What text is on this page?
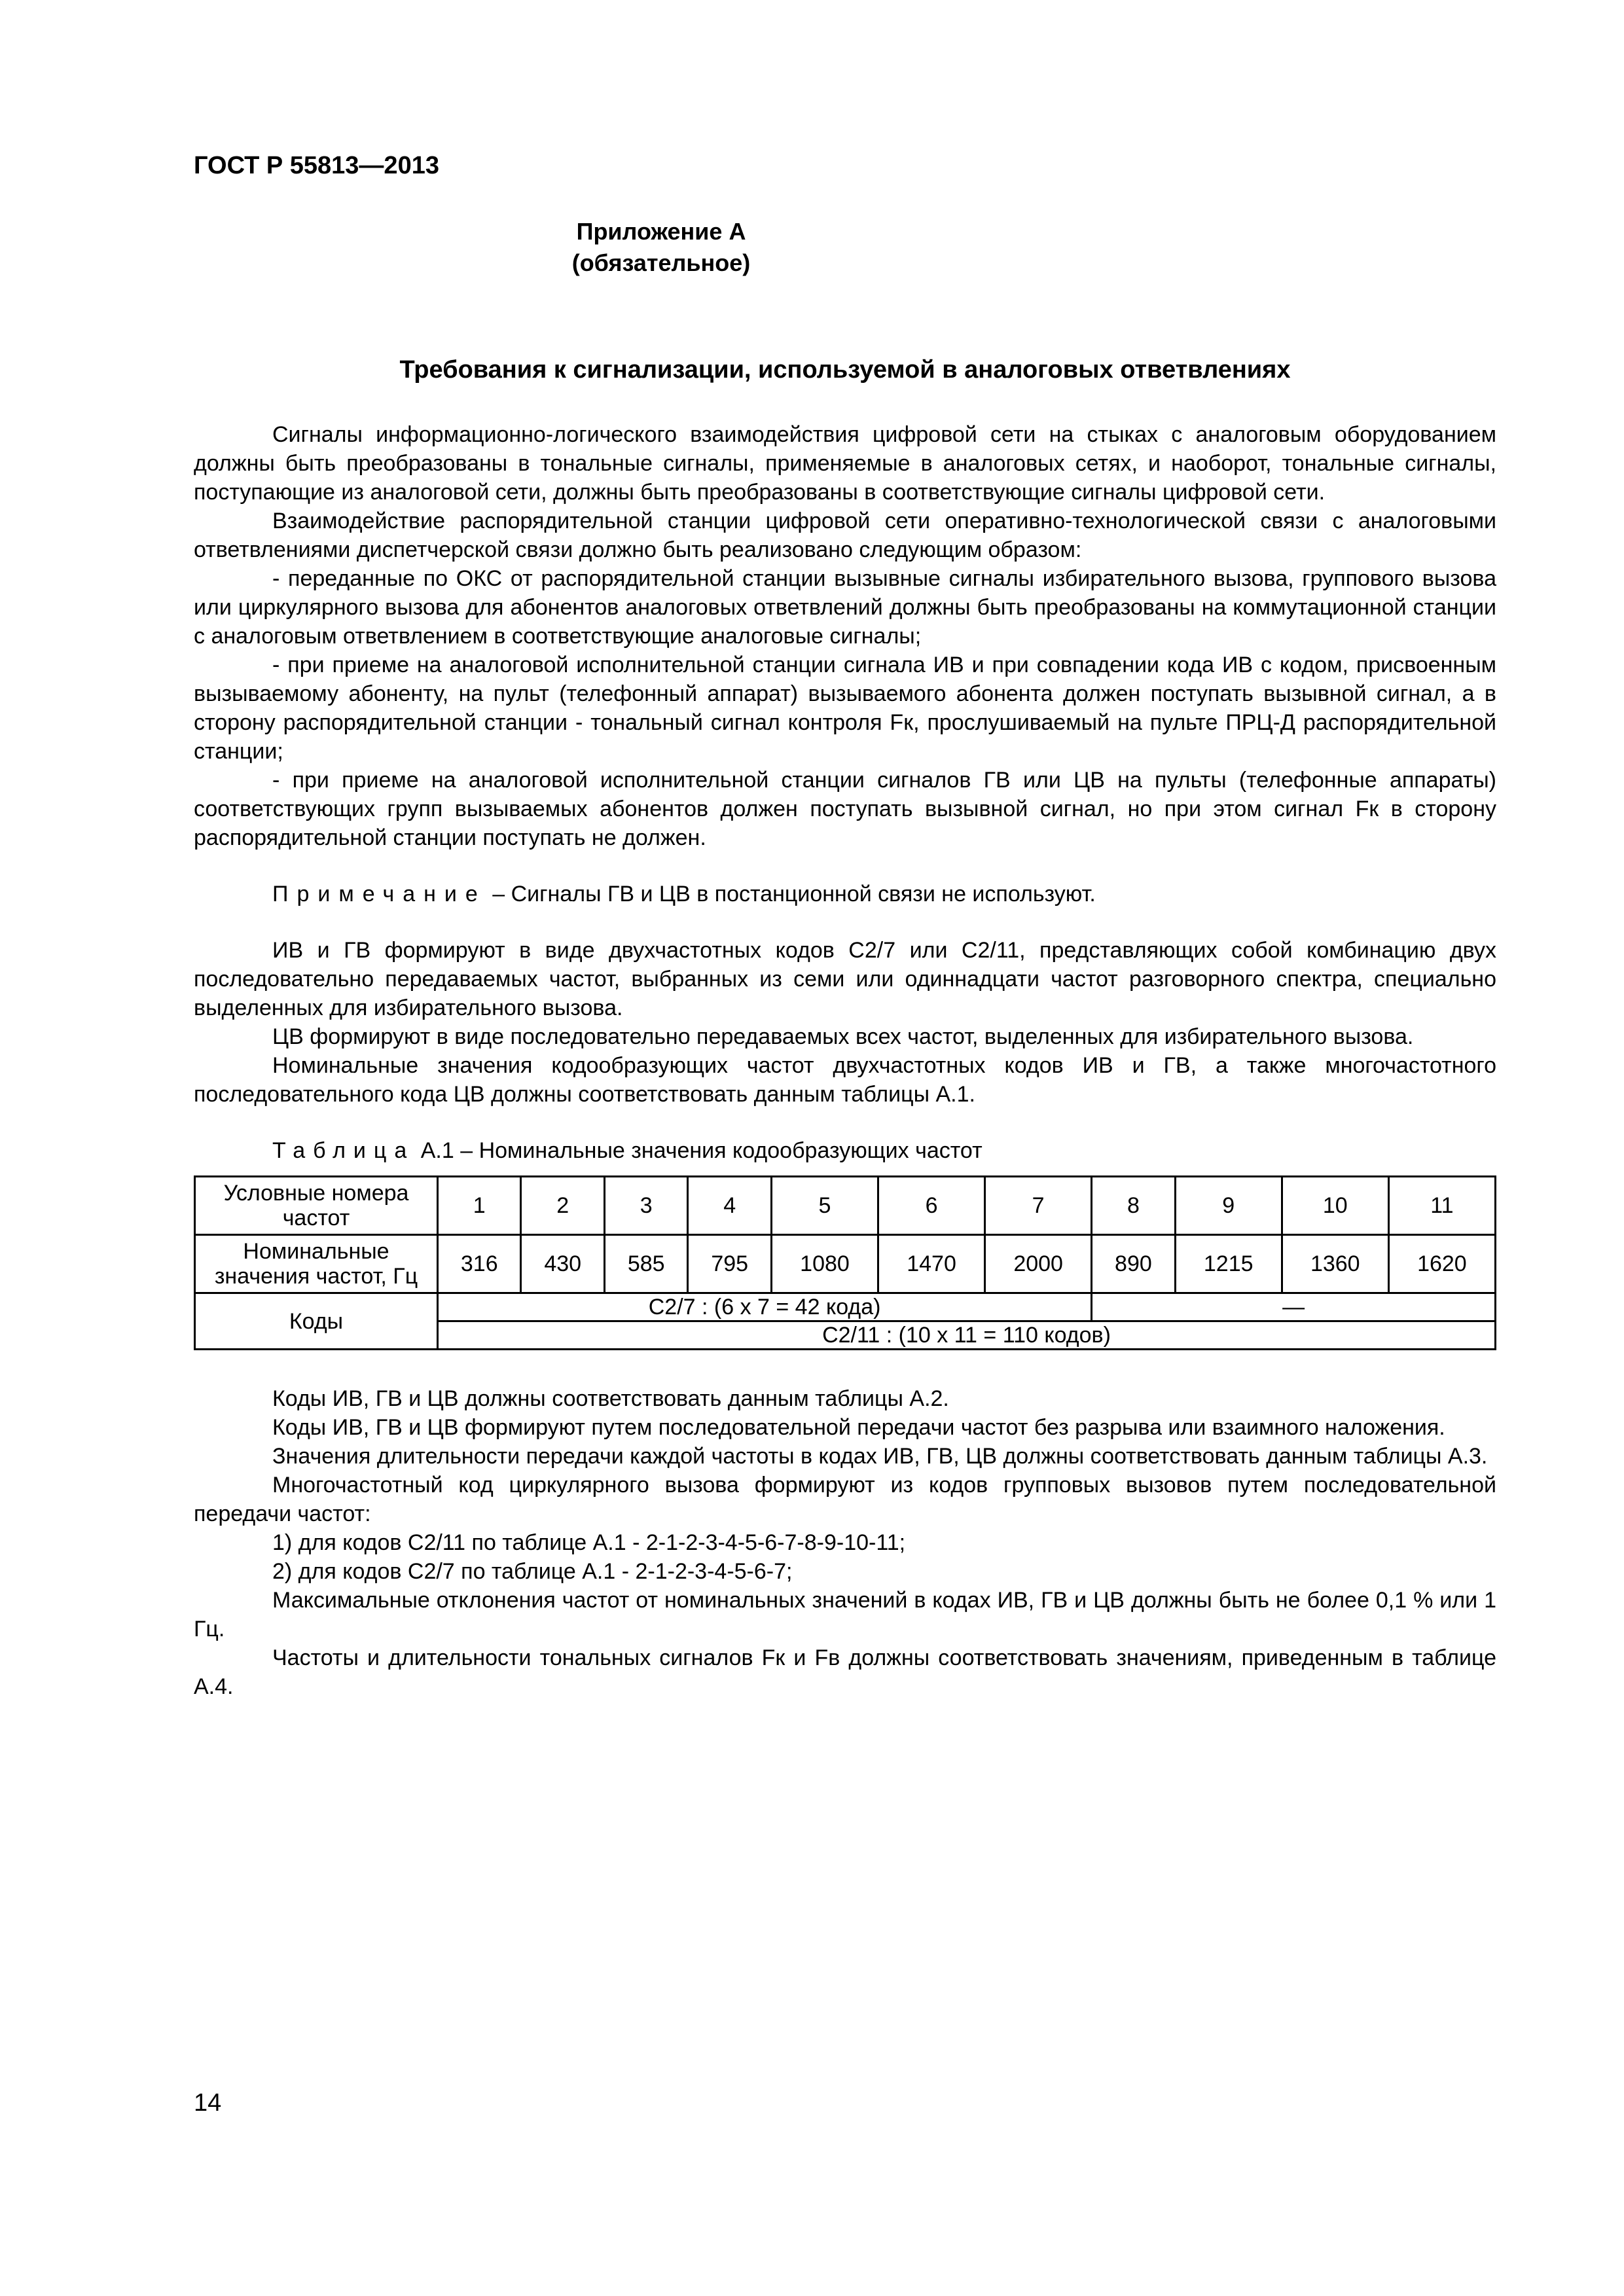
ГОСТ Р 55813—2013
Приложение А
(обязательное)
Требования к сигнализации, используемой в аналоговых ответвлениях

Сигналы информационно-логического взаимодействия цифровой сети на стыках с аналоговым оборудованием должны быть преобразованы в тональные сигналы, применяемые в аналоговых сетях, и наоборот, тональные сигналы, поступающие из аналоговой сети, должны быть преобразованы в соответствующие сигналы цифровой сети.

Взаимодействие распорядительной станции цифровой сети оперативно-технологической связи с аналоговыми ответвлениями диспетчерской связи должно быть реализовано следующим образом:

- переданные по ОКС от распорядительной станции вызывные сигналы избирательного вызова, группового вызова или циркулярного вызова для абонентов аналоговых ответвлений должны быть преобразованы на коммутационной станции с аналоговым ответвлением в соответствующие аналоговые сигналы;

- при приеме на аналоговой исполнительной станции сигнала ИВ и при совпадении кода ИВ с кодом, присвоенным вызываемому абоненту, на пульт (телефонный аппарат) вызываемого абонента должен поступать вызывной сигнал, а в сторону распорядительной станции - тональный сигнал контроля Fк, прослушиваемый на пульте ПРЦ-Д распорядительной станции;

- при приеме на аналоговой исполнительной станции сигналов ГВ или ЦВ на пульты (телефонные аппараты) соответствующих групп вызываемых абонентов должен поступать вызывной сигнал, но при этом сигнал Fк в сторону распорядительной станции поступать не должен.

Примечание – Сигналы ГВ и ЦВ в постанционной связи не используют.

ИВ и ГВ формируют в виде двухчастотных кодов С2/7 или С2/11, представляющих собой комбинацию двух последовательно передаваемых частот, выбранных из семи или одиннадцати частот разговорного спектра, специально выделенных для избирательного вызова.

ЦВ формируют в виде последовательно передаваемых всех частот, выделенных для избирательного вызова.

Номинальные значения кодообразующих частот двухчастотных кодов ИВ и ГВ, а также многочастотного последовательного кода ЦВ должны соответствовать данным таблицы А.1.

Таблица А.1 – Номинальные значения кодообразующих частот

Условные номера частот	1	2	3	4	5	6	7	8	9	10	11
Номинальные значения частот, Гц	316	430	585	795	1080	1470	2000	890	1215	1360	1620
Коды	С2/7 : (6 х 7 = 42 кода)							—			
	С2/11 : (10 х 11 = 110 кодов)										

Коды ИВ, ГВ и ЦВ должны соответствовать данным таблицы А.2.

Коды ИВ, ГВ и ЦВ формируют путем последовательной передачи частот без разрыва или взаимного наложения.

Значения длительности передачи каждой частоты в кодах ИВ, ГВ, ЦВ должны соответствовать данным таблицы А.3.

Многочастотный код циркулярного вызова формируют из кодов групповых вызовов путем последовательной передачи частот:

1) для кодов С2/11 по таблице А.1 - 2-1-2-3-4-5-6-7-8-9-10-11;

2) для кодов С2/7 по таблице А.1 - 2-1-2-3-4-5-6-7;

Максимальные отклонения частот от номинальных значений в кодах ИВ, ГВ и ЦВ должны быть не более 0,1 % или 1 Гц.

Частоты и длительности тональных сигналов Fк и Fв должны соответствовать значениям, приведенным в таблице А.4.

14
